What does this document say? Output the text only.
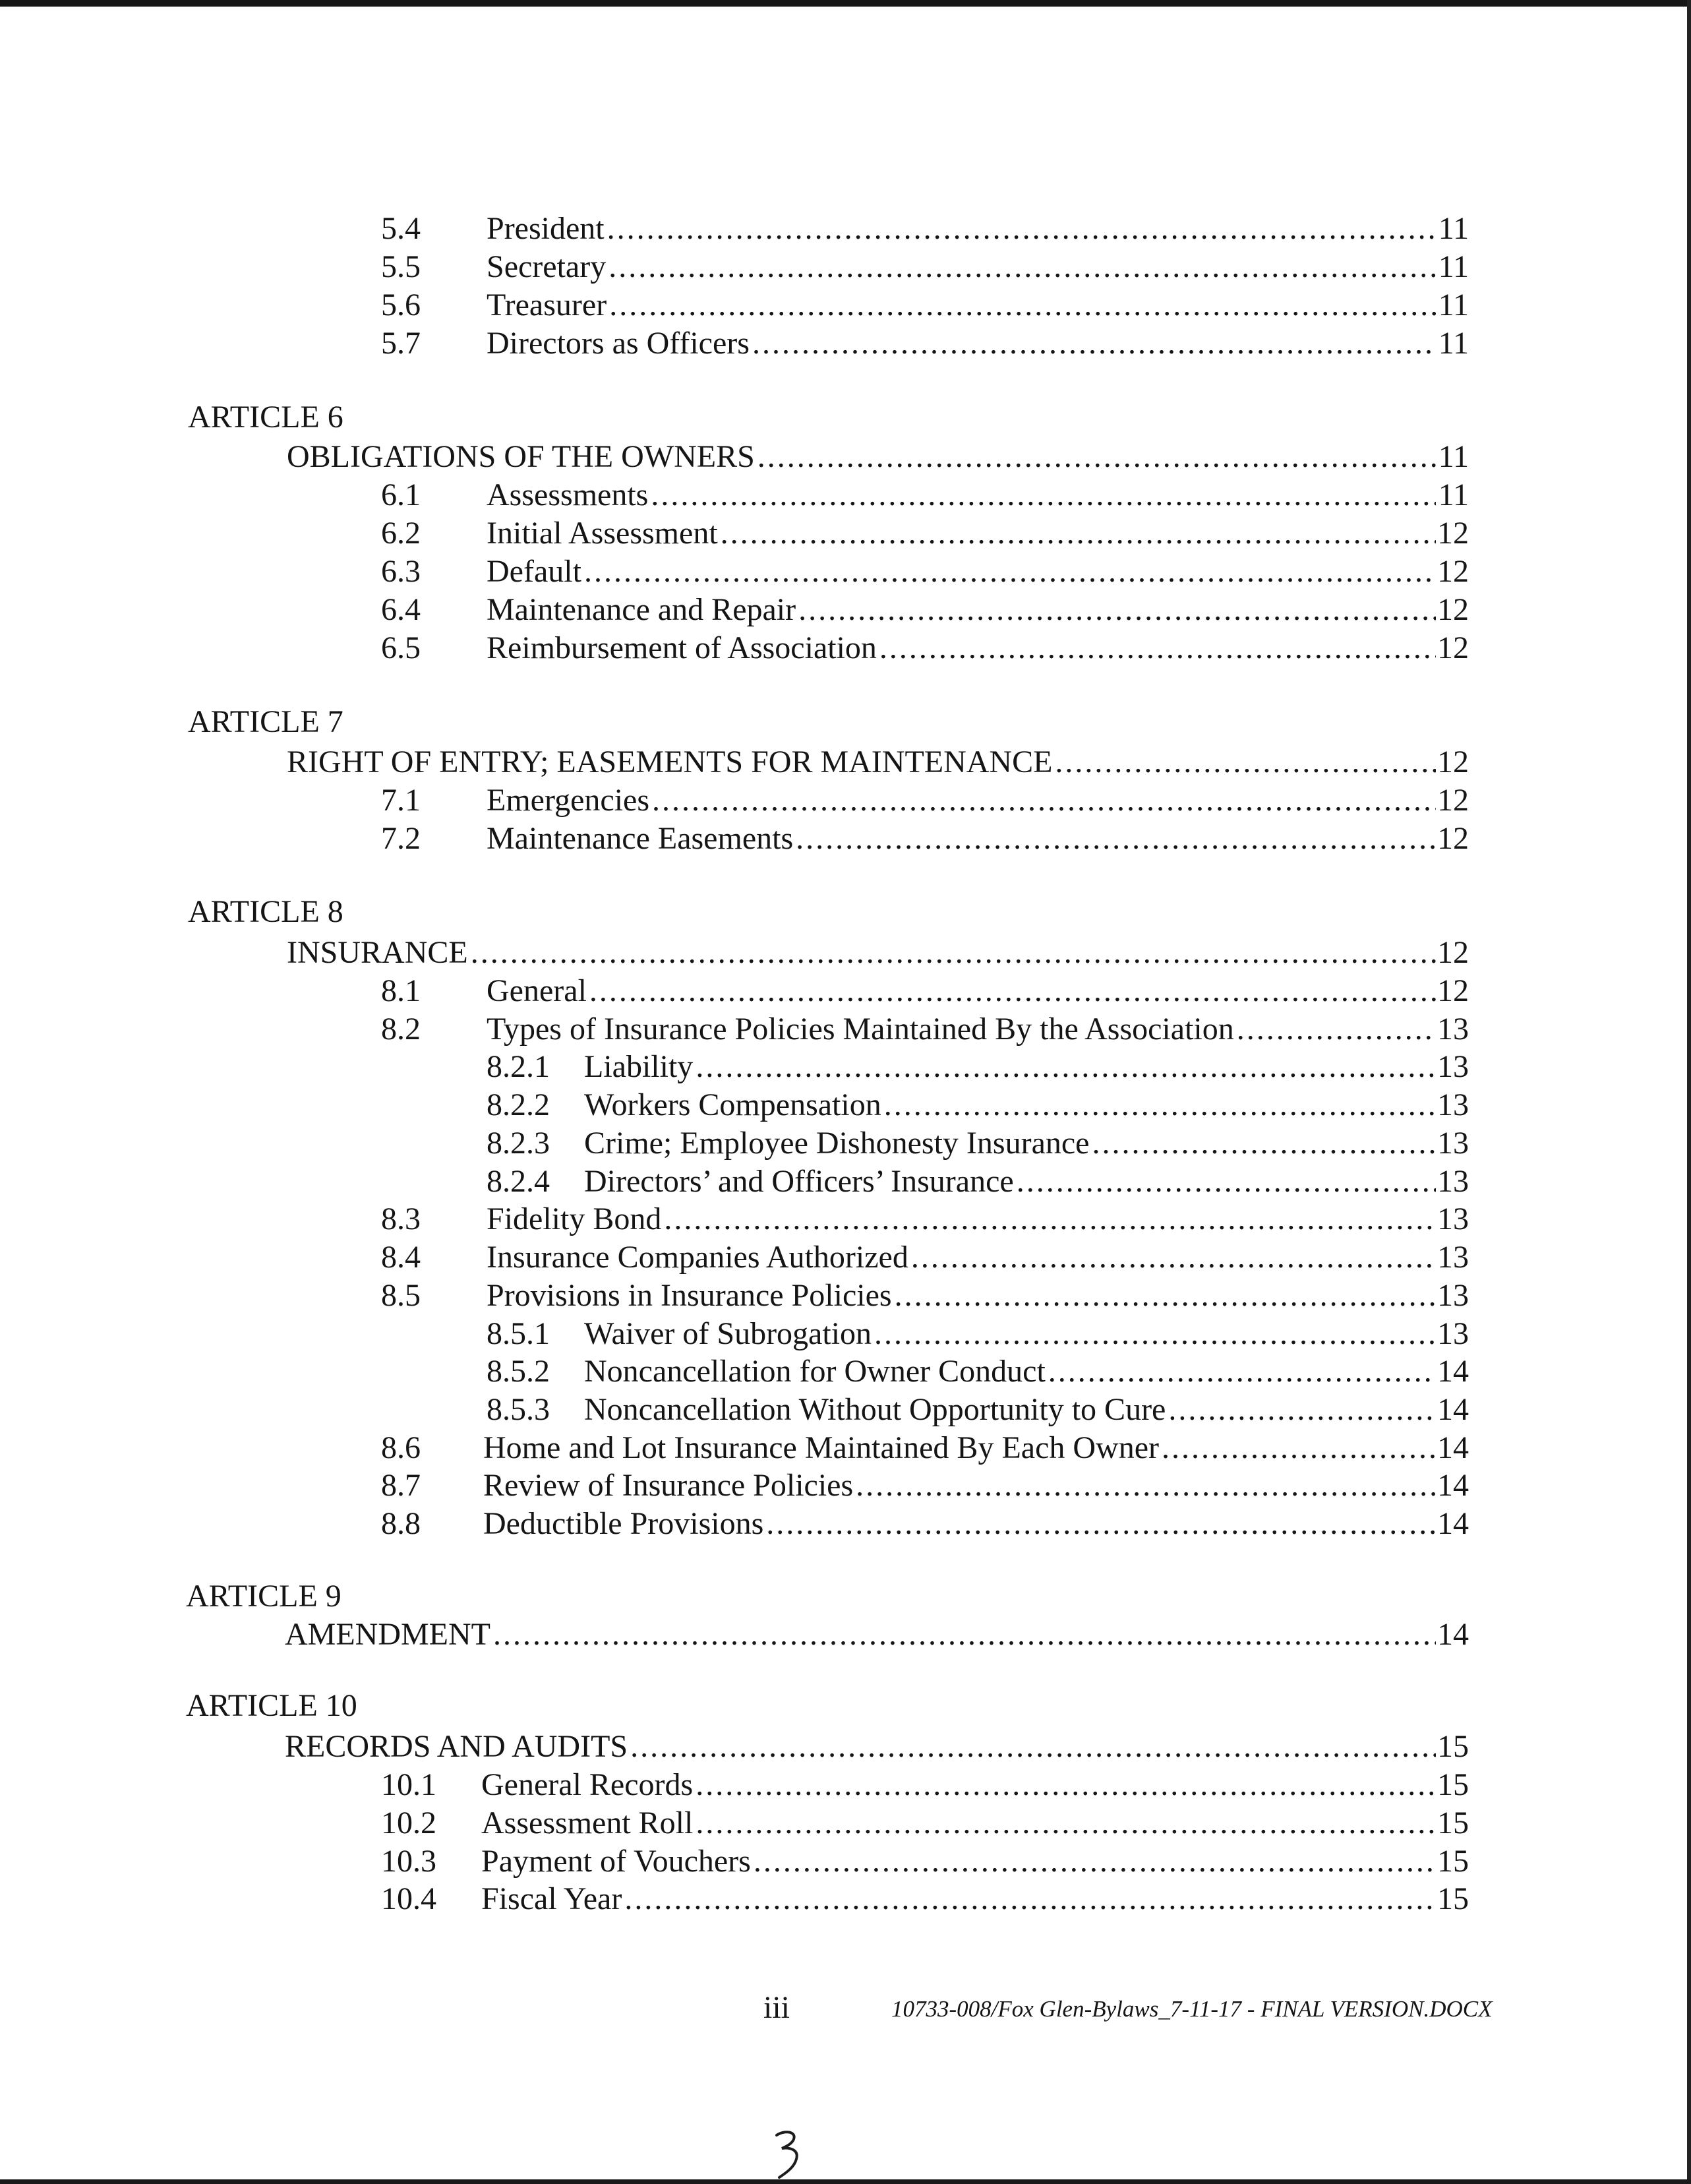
5.4 President .....	11
5.5 Secretary .....	11
5.6 Treasurer .....	11
5.7 Directors as Officers .....	11
ARTICLE 6
OBLIGATIONS OF THE OWNERS .....	11
6.1 Assessments .....	11
6.2 Initial Assessment .....	12
6.3 Default .....	12
6.4 Maintenance and Repair .....	12
6.5 Reimbursement of Association .....	12
ARTICLE 7
RIGHT OF ENTRY; EASEMENTS FOR MAINTENANCE .....	12
7.1 Emergencies .....	12
7.2 Maintenance Easements .....	12
ARTICLE 8
INSURANCE .....	12
8.1 General .....	12
8.2 Types of Insurance Policies Maintained By the Association .....	13
8.2.1 Liability .....	13
8.2.2 Workers Compensation .....	13
8.2.3 Crime; Employee Dishonesty Insurance .....	13
8.2.4 Directors’ and Officers’ Insurance .....	13
8.3 Fidelity Bond .....	13
8.4 Insurance Companies Authorized .....	13
8.5 Provisions in Insurance Policies .....	13
8.5.1 Waiver of Subrogation .....	13
8.5.2 Noncancellation for Owner Conduct .....	14
8.5.3 Noncancellation Without Opportunity to Cure .....	14
8.6 Home and Lot Insurance Maintained By Each Owner .....	14
8.7 Review of Insurance Policies .....	14
8.8 Deductible Provisions .....	14
ARTICLE 9
AMENDMENT .....	14
ARTICLE 10
RECORDS AND AUDITS .....	15
10.1 General Records .....	15
10.2 Assessment Roll .....	15
10.3 Payment of Vouchers .....	15
10.4 Fiscal Year .....	15
iii	10733-008/Fox Glen-Bylaws_7-11-17 - FINAL VERSION.DOCX
